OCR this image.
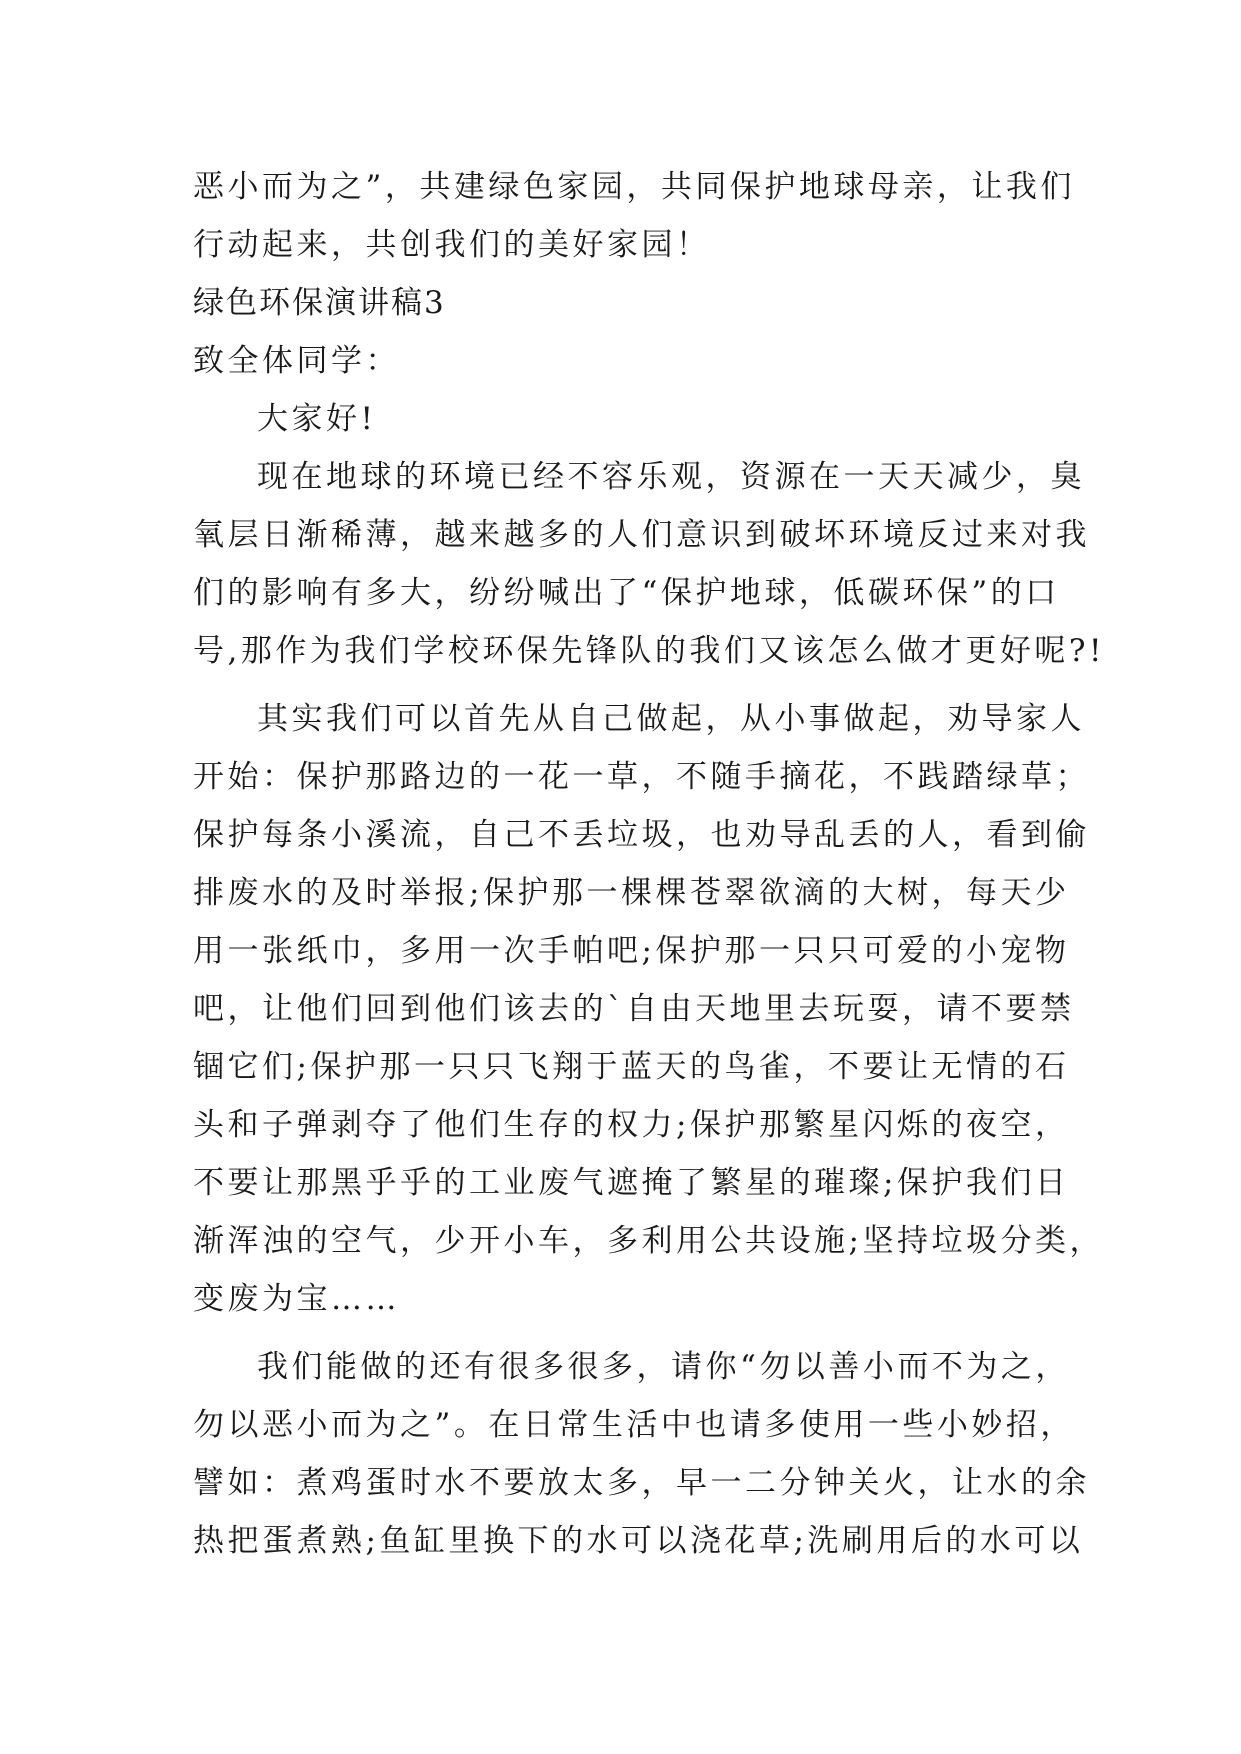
恶小而为之”，共建绿色家园，共同保护地球母亲，让我们
行动起来，共创我们的美好家园！
绿色环保演讲稿3
致全体同学：
大家好!
现在地球的环境已经不容乐观，资源在一天天减少，臭
氧层日渐稀薄，越来越多的人们意识到破坏环境反过来对我
们的影响有多大，纷纷喊出了“保护地球，低碳环保”的口
号,那作为我们学校环保先锋队的我们又该怎么做才更好呢?!
其实我们可以首先从自己做起，从小事做起，劝导家人
开始：保护那路边的一花一草，不随手摘花，不践踏绿草；
保护每条小溪流，自己不丢垃圾，也劝导乱丢的人，看到偷
排废水的及时举报;保护那一棵棵苍翠欲滴的大树，每天少
用一张纸巾，多用一次手帕吧;保护那一只只可爱的小宠物
吧，让他们回到他们该去的`自由天地里去玩耍，请不要禁
锢它们;保护那一只只飞翔于蓝天的鸟雀，不要让无情的石
头和子弹剥夺了他们生存的权力;保护那繁星闪烁的夜空，
不要让那黑乎乎的工业废气遮掩了繁星的璀璨;保护我们日
渐浑浊的空气，少开小车，多利用公共设施;坚持垃圾分类，
变废为宝……
我们能做的还有很多很多，请你“勿以善小而不为之，
勿以恶小而为之”。在日常生活中也请多使用一些小妙招，
譬如：煮鸡蛋时水不要放太多，早一二分钟关火，让水的余
热把蛋煮熟;鱼缸里换下的水可以浇花草;洗刷用后的水可以
